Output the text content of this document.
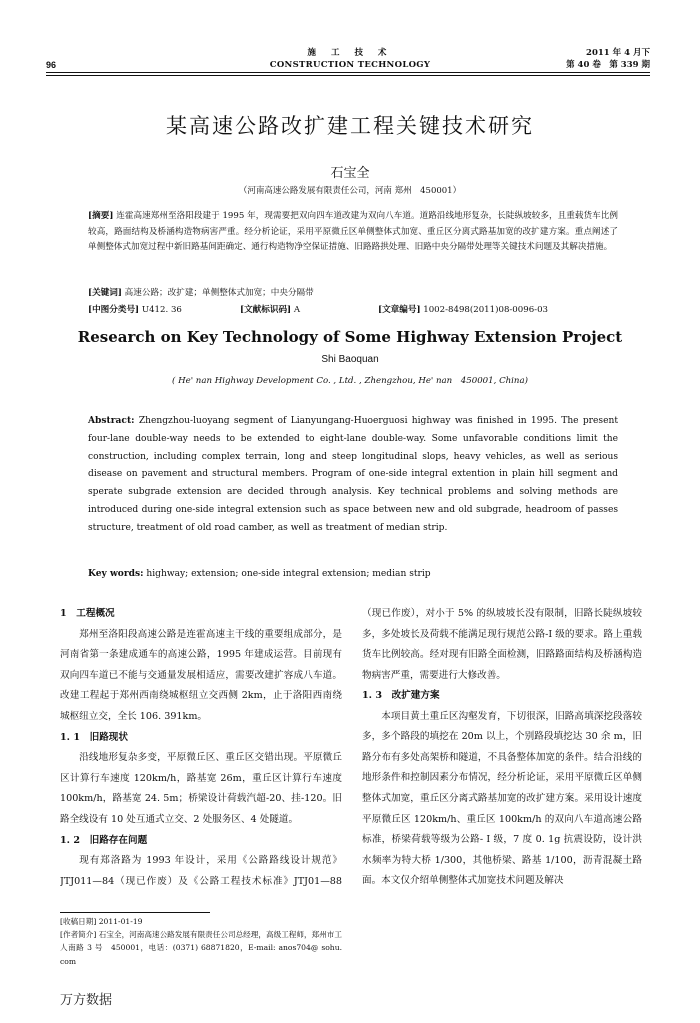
96
施 工 技 术
CONSTRUCTION TECHNOLOGY
2011 年 4 月下
第 40 卷　第 339 期
某高速公路改扩建工程关键技术研究
石宝全
（河南高速公路发展有限责任公司，河南 郑州　450001）
[摘要] 连霍高速郑州至洛阳段建于 1995 年，现需要把双向四车道改建为双向八车道。道路沿线地形复杂，长陡纵坡较多，且重载货车比例较高，路面结构及桥涵构造物病害严重。经分析论证，采用平原微丘区单侧整体式加宽、重丘区分离式路基加宽的改扩建方案。重点阐述了单侧整体式加宽过程中新旧路基间距确定、通行构造物净空保证措施、旧路路拱处理、旧路中央分隔带处理等关键技术问题及其解决措施。
[关键词] 高速公路；改扩建；单侧整体式加宽；中央分隔带
[中图分类号] U412. 36	[文献标识码] A	[文章编号] 1002-8498(2011)08-0096-03
Research on Key Technology of Some Highway Extension Project
Shi Baoquan
( He' nan Highway Development Co. , Ltd. , Zhengzhou, He' nan　450001, China)
Abstract: Zhengzhou-luoyang segment of Lianyungang-Huoerguosi highway was finished in 1995. The present four-lane double-way needs to be extended to eight-lane double-way. Some unfavorable conditions limit the construction, including complex terrain, long and steep longitudinal slops, heavy vehicles, as well as serious disease on pavement and structural members. Program of one-side integral extention in plain hill segment and sperate subgrade extension are decided through analysis. Key technical problems and solving methods are introduced during one-side integral extension such as space between new and old subgrade, headroom of passes structure, treatment of old road camber, as well as treatment of median strip.
Key words: highway; extension; one-side integral extension; median strip
1　工程概况

郑州至洛阳段高速公路是连霍高速主干线的重要组成部分，是河南省第一条建成通车的高速公路，1995 年建成运营。目前现有双向四车道已不能与交通量发展相适应，需要改建扩容成八车道。改建工程起于郑州西南绕城枢纽立交西侧 2km，止于洛阳西南绕城枢纽立交，全长 106. 391km。

1. 1　旧路现状

沿线地形复杂多变，平原微丘区、重丘区交错出现。平原微丘区计算行车速度 120km/h，路基宽 26m，重丘区计算行车速度 100km/h，路基宽 24. 5m；桥梁设计荷载汽超-20、挂-120。旧路全线设有 10 处互通式立交、2 处服务区、4 处隧道。

1. 2　旧路存在问题

现有郑洛路为 1993 年设计，采用《公路路线设计规范》JTJ011—84（现已作废）及《公路工程技术标准》JTJ01—88

（现已作废），对小于 5% 的纵坡坡长没有限制，旧路长陡纵坡较多，多处坡长及荷载不能满足现行规范公路-I 级的要求。路上重载货车比例较高。经对现有旧路全面检测，旧路路面结构及桥涵构造物病害严重，需要进行大修改善。

1. 3　改扩建方案

本项目黄土重丘区沟壑发育，下切很深，旧路高填深挖段落较多，多个路段的填挖在 20m 以上，个别路段填挖达 30 余 m，旧路分布有多处高架桥和隧道，不具备整体加宽的条件。结合沿线的地形条件和控制因素分布情况，经分析论证，采用平原微丘区单侧整体式加宽，重丘区分离式路基加宽的改扩建方案。采用设计速度平原微丘区 120km/h、重丘区 100km/h 的双向八车道高速公路标准，桥梁荷载等级为公路- I 级，7 度 0. 1g 抗震设防，设计洪水频率为特大桥 1/300，其他桥梁、路基 1/100，沥青混凝土路面。本文仅介绍单侧整体式加宽技术问题及解决

[收稿日期] 2011-01-19
[作者简介] 石宝全，河南高速公路发展有限责任公司总经理，高级工程师，郑州市工人南路 3 号　450001，电话：(0371) 68871820，E-mail: anos704@ sohu. com
万方数据
